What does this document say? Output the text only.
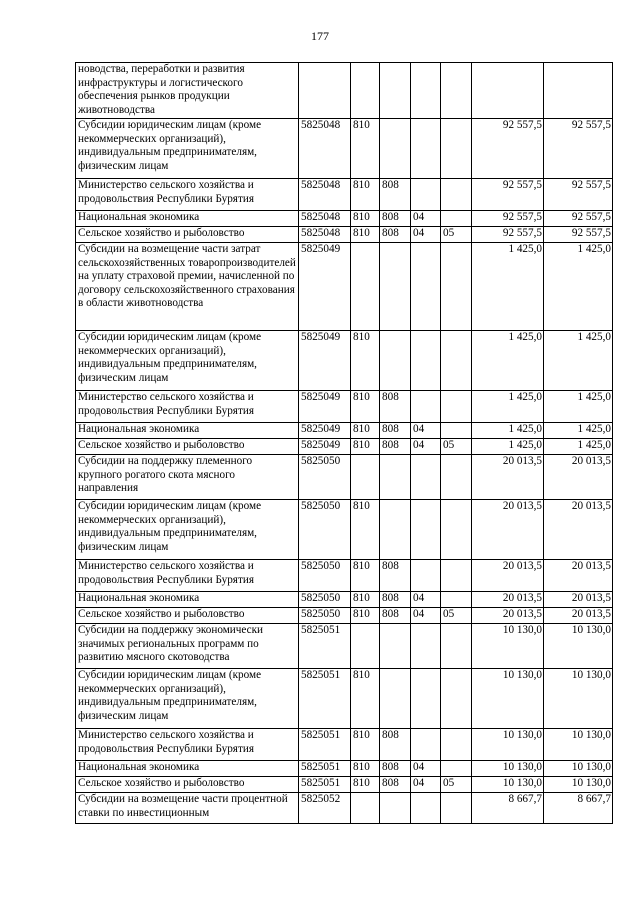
177
новодства, переработки и развития инфраструктуры и логистического обеспечения рынков продукции животноводства							
Субсидии юридическим лицам (кроме некоммерческих организаций), индивидуальным предпринимателям, физическим лицам	5825048	810				92 557,5	92 557,5
Министерство сельского хозяйства и продовольствия Республики Бурятия	5825048	810	808			92 557,5	92 557,5
Национальная экономика	5825048	810	808	04		92 557,5	92 557,5
Сельское хозяйство и рыболовство	5825048	810	808	04	05	92 557,5	92 557,5
Субсидии на возмещение части затрат сельскохозяйственных товаропроизводителей на уплату страховой премии, начисленной по договору сельскохозяйственного страхования в области животноводства	5825049					1 425,0	1 425,0
Субсидии юридическим лицам (кроме некоммерческих организаций), индивидуальным предпринимателям, физическим лицам	5825049	810				1 425,0	1 425,0
Министерство сельского хозяйства и продовольствия Республики Бурятия	5825049	810	808			1 425,0	1 425,0
Национальная экономика	5825049	810	808	04		1 425,0	1 425,0
Сельское хозяйство и рыболовство	5825049	810	808	04	05	1 425,0	1 425,0
Субсидии на поддержку племенного крупного рогатого скота мясного направления	5825050					20 013,5	20 013,5
Субсидии юридическим лицам (кроме некоммерческих организаций), индивидуальным предпринимателям, физическим лицам	5825050	810				20 013,5	20 013,5
Министерство сельского хозяйства и продовольствия Республики Бурятия	5825050	810	808			20 013,5	20 013,5
Национальная экономика	5825050	810	808	04		20 013,5	20 013,5
Сельское хозяйство и рыболовство	5825050	810	808	04	05	20 013,5	20 013,5
Субсидии на поддержку экономически значимых региональных программ по развитию мясного скотоводства	5825051					10 130,0	10 130,0
Субсидии юридическим лицам (кроме некоммерческих организаций), индивидуальным предпринимателям, физическим лицам	5825051	810				10 130,0	10 130,0
Министерство сельского хозяйства и продовольствия Республики Бурятия	5825051	810	808			10 130,0	10 130,0
Национальная экономика	5825051	810	808	04		10 130,0	10 130,0
Сельское хозяйство и рыболовство	5825051	810	808	04	05	10 130,0	10 130,0
Субсидии на возмещение части процентной ставки по инвестиционным	5825052					8 667,7	8 667,7
